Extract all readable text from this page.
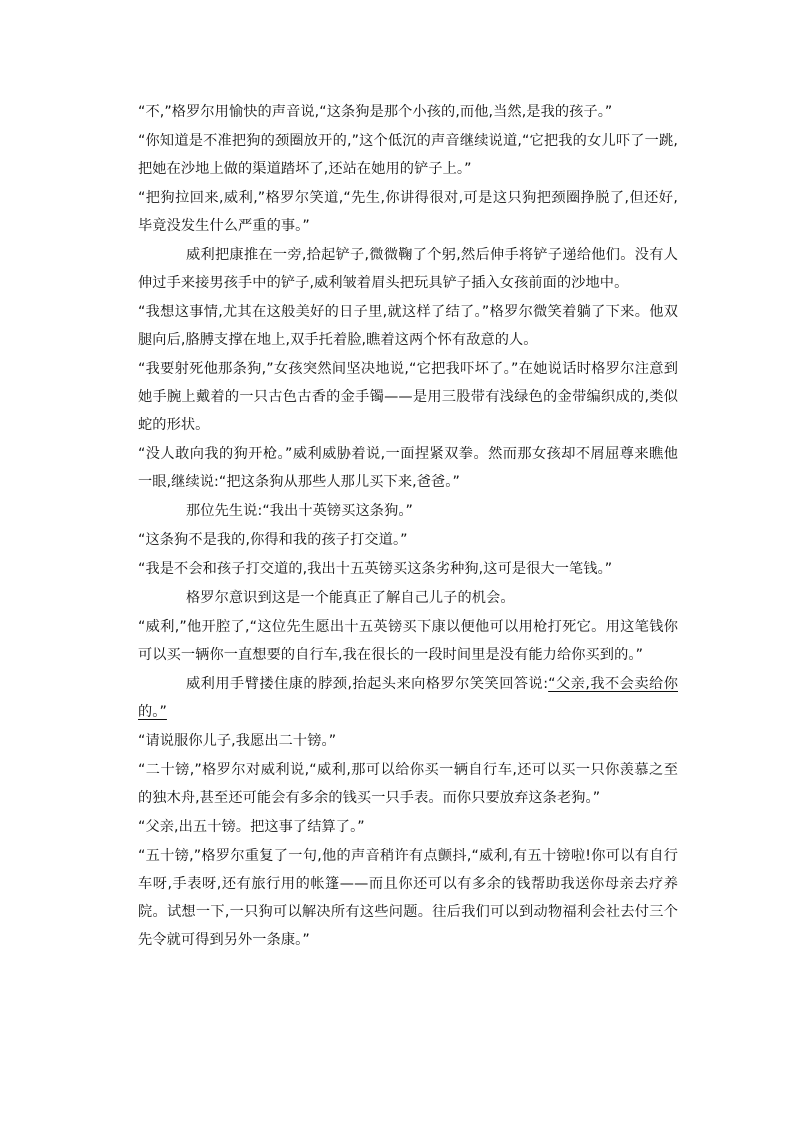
“不,”格罗尔用愉快的声音说,“这条狗是那个小孩的,而他,当然,是我的孩子。”

“你知道是不准把狗的颈圈放开的,”这个低沉的声音继续说道,“它把我的女儿吓了一跳,把她在沙地上做的渠道踏坏了,还站在她用的铲子上。”

“把狗拉回来,威利,”格罗尔笑道,“先生,你讲得很对,可是这只狗把颈圈挣脱了,但还好,毕竟没发生什么严重的事。”

威利把康推在一旁,拾起铲子,微微鞠了个躬,然后伸手将铲子递给他们。没有人伸过手来接男孩手中的铲子,威利皱着眉头把玩具铲子插入女孩前面的沙地中。

“我想这事情,尤其在这般美好的日子里,就这样了结了。”格罗尔微笑着躺了下来。他双腿向后,胳膊支撑在地上,双手托着脸,瞧着这两个怀有敌意的人。

“我要射死他那条狗,”女孩突然间坚决地说,“它把我吓坏了。”在她说话时格罗尔注意到她手腕上戴着的一只古色古香的金手镯——是用三股带有浅绿色的金带编织成的,类似蛇的形状。

“没人敢向我的狗开枪。”威利威胁着说,一面捏紧双拳。然而那女孩却不屑屈尊来瞧他一眼,继续说:“把这条狗从那些人那儿买下来,爸爸。”

那位先生说:“我出十英镑买这条狗。”

“这条狗不是我的,你得和我的孩子打交道。”

“我是不会和孩子打交道的,我出十五英镑买这条劣种狗,这可是很大一笔钱。”

格罗尔意识到这是一个能真正了解自己儿子的机会。

“威利,”他开腔了,“这位先生愿出十五英镑买下康以便他可以用枪打死它。用这笔钱你可以买一辆你一直想要的自行车,我在很长的一段时间里是没有能力给你买到的。”

威利用手臂搂住康的脖颈,抬起头来向格罗尔笑笑回答说:“父亲,我不会卖给你的。”

“请说服你儿子,我愿出二十镑。”

“二十镑,”格罗尔对威利说,“威利,那可以给你买一辆自行车,还可以买一只你羡慕之至的独木舟,甚至还可能会有多余的钱买一只手表。而你只要放弃这条老狗。”

“父亲,出五十镑。把这事了结算了。”

“五十镑,”格罗尔重复了一句,他的声音稍许有点颤抖,“威利,有五十镑啦!你可以有自行车呀,手表呀,还有旅行用的帐篷——而且你还可以有多余的钱帮助我送你母亲去疗养院。试想一下,一只狗可以解决所有这些问题。往后我们可以到动物福利会社去付三个先令就可得到另外一条康。”
